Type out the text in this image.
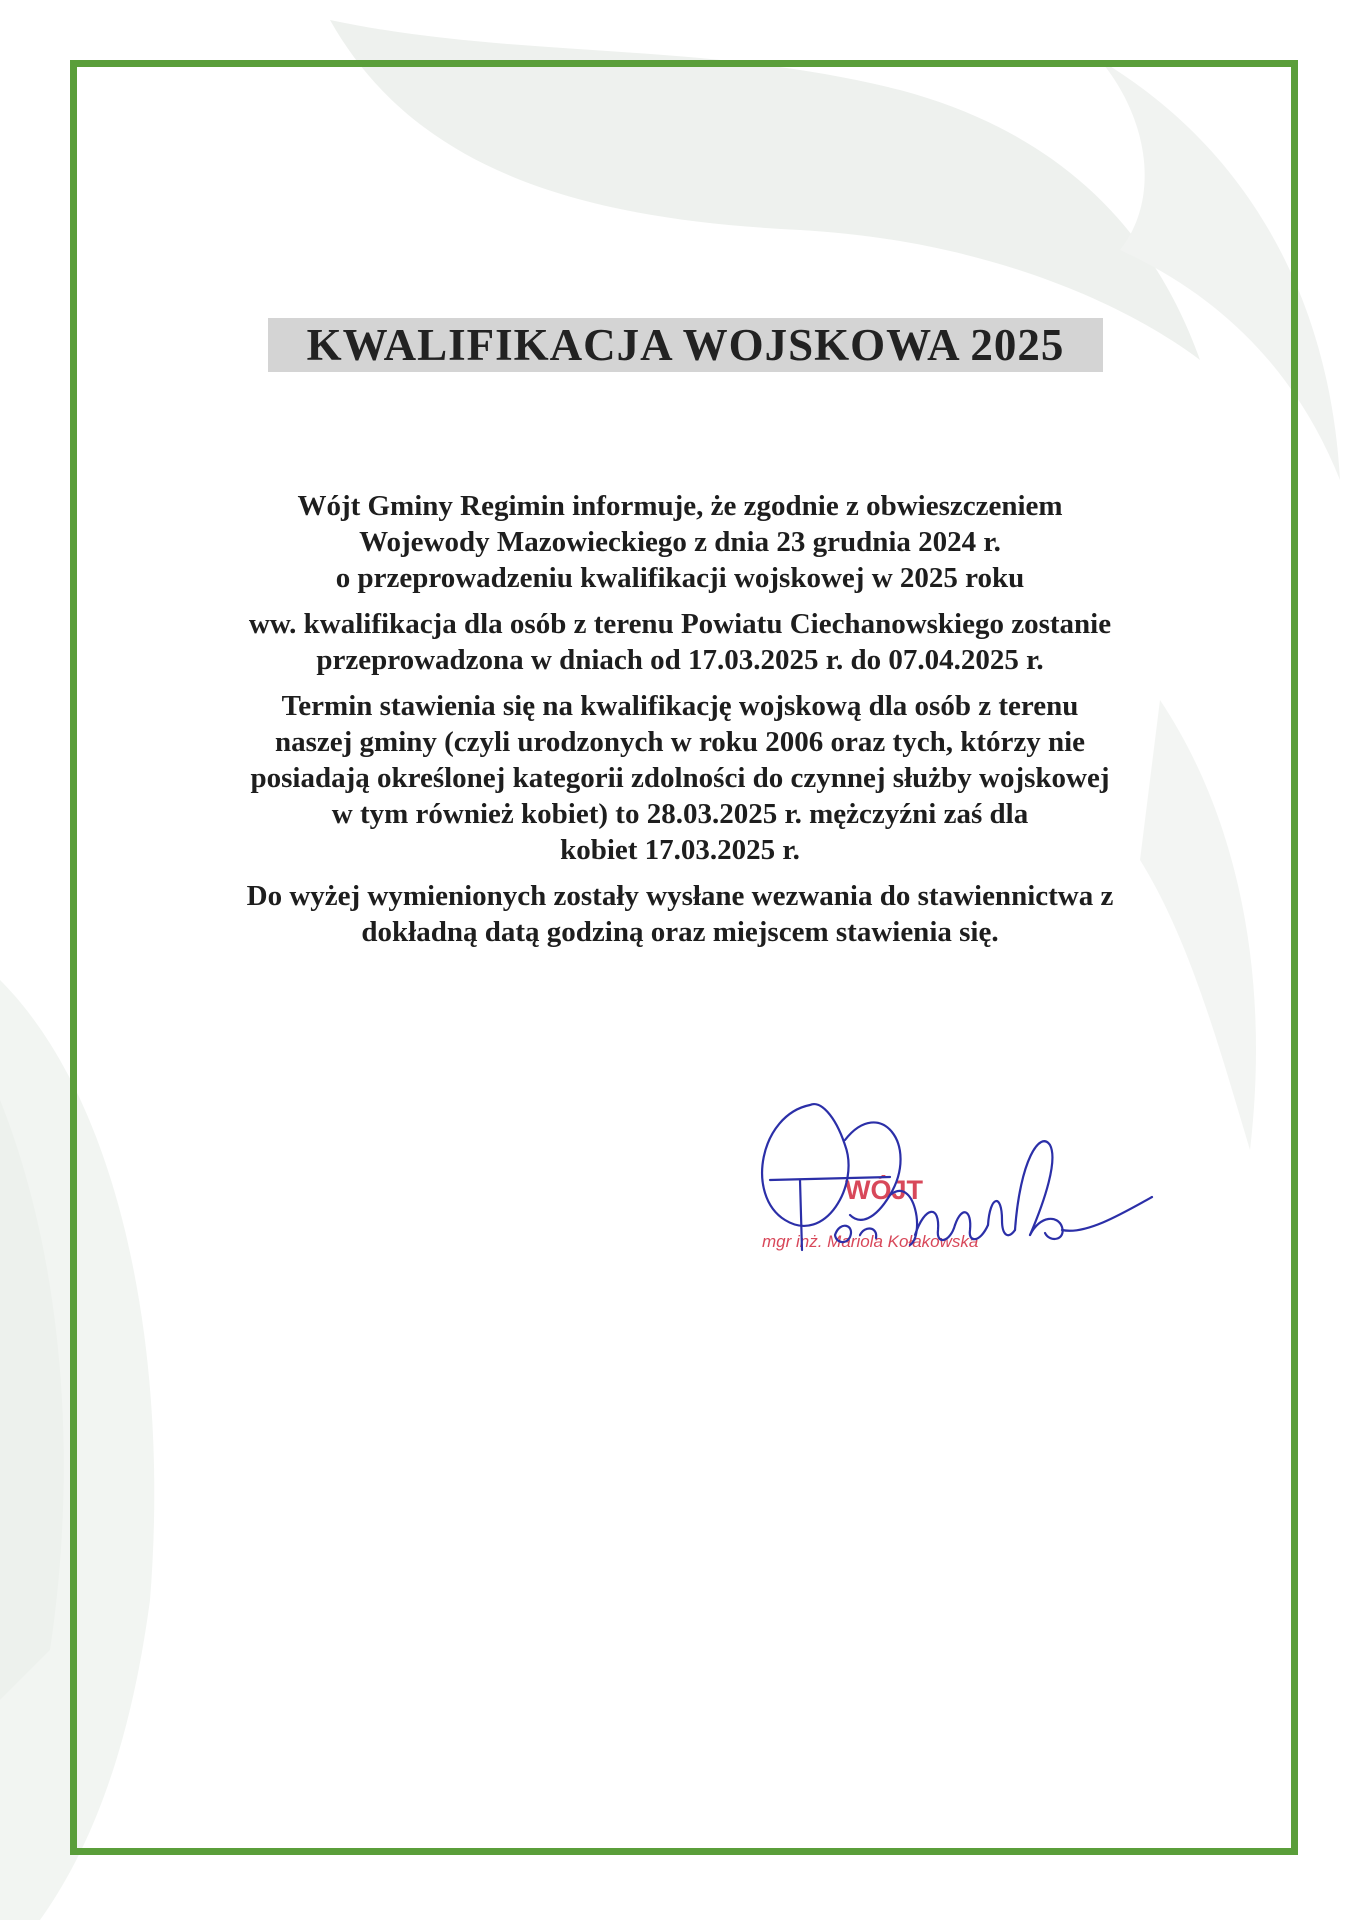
KWALIFIKACJA WOJSKOWA 2025

Wójt Gminy Regimin informuje, że zgodnie z obwieszczeniem
Wojewody Mazowieckiego z dnia 23 grudnia 2024 r.
o przeprowadzeniu kwalifikacji wojskowej w 2025 roku

ww. kwalifikacja dla osób z terenu Powiatu Ciechanowskiego zostanie
przeprowadzona w dniach od 17.03.2025 r. do 07.04.2025 r.

Termin stawienia się na kwalifikację wojskową dla osób z terenu
naszej gminy (czyli urodzonych w roku 2006 oraz tych, którzy nie
posiadają określonej kategorii zdolności do czynnej służby wojskowej
w tym również kobiet) to 28.03.2025 r. mężczyźni zaś dla
kobiet 17.03.2025 r.

Do wyżej wymienionych zostały wysłane wezwania do stawiennictwa z
dokładną datą godziną oraz miejscem stawienia się.

WÓJT
mgr inż. Mariola Kołakowska
